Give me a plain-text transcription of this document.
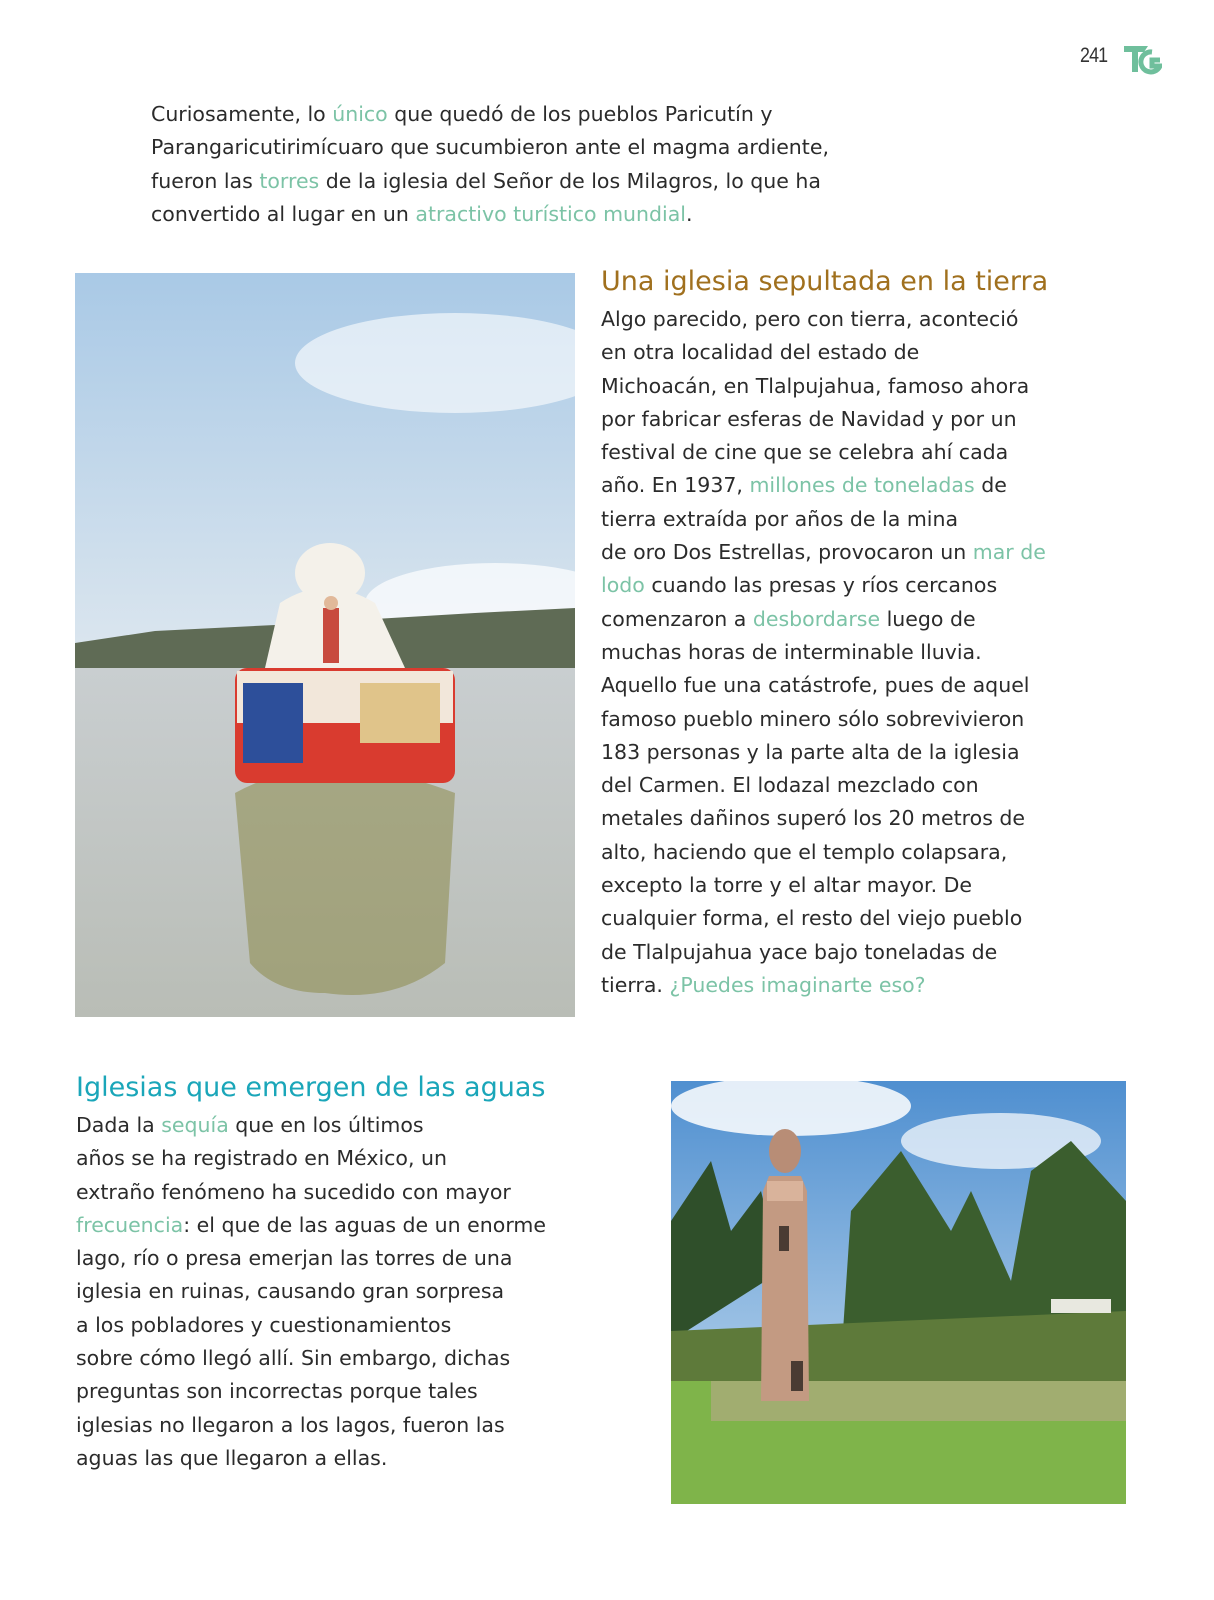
241
Curiosamente, lo único que quedó de los pueblos Paricutín y
Parangaricutirimícuaro que sucumbieron ante el magma ardiente,
fueron las torres de la iglesia del Señor de los Milagros, lo que ha
convertido al lugar en un atractivo turístico mundial.
Una iglesia sepultada en la tierra
Algo parecido, pero con tierra, aconteció
en otra localidad del estado de
Michoacán, en Tlalpujahua, famoso ahora
por fabricar esferas de Navidad y por un
festival de cine que se celebra ahí cada
año. En 1937, millones de toneladas de
tierra extraída por años de la mina
de oro Dos Estrellas, provocaron un mar de
lodo cuando las presas y ríos cercanos
comenzaron a desbordarse luego de
muchas horas de interminable lluvia.
Aquello fue una catástrofe, pues de aquel
famoso pueblo minero sólo sobrevivieron
183 personas y la parte alta de la iglesia
del Carmen. El lodazal mezclado con
metales dañinos superó los 20 metros de
alto, haciendo que el templo colapsara,
excepto la torre y el altar mayor. De
cualquier forma, el resto del viejo pueblo
de Tlalpujahua yace bajo toneladas de
tierra. ¿Puedes imaginarte eso?
Iglesias que emergen de las aguas
Dada la sequía que en los últimos
años se ha registrado en México, un
extraño fenómeno ha sucedido con mayor
frecuencia: el que de las aguas de un enorme
lago, río o presa emerjan las torres de una
iglesia en ruinas, causando gran sorpresa
a los pobladores y cuestionamientos
sobre cómo llegó allí. Sin embargo, dichas
preguntas son incorrectas porque tales
iglesias no llegaron a los lagos, fueron las
aguas las que llegaron a ellas.
